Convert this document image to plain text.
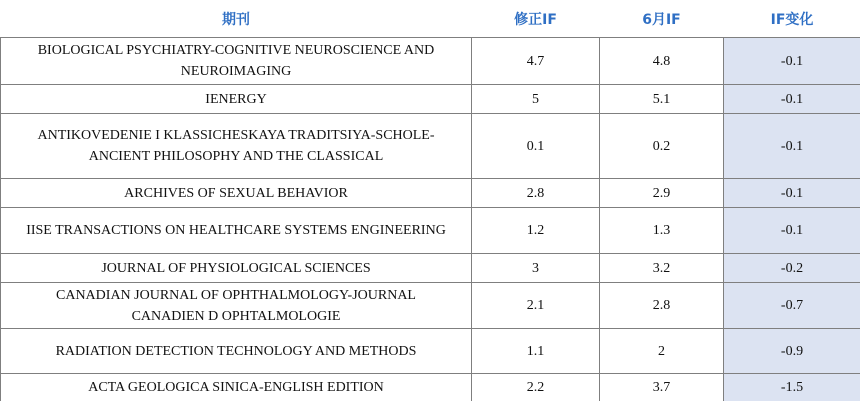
期刊	修正IF	6月IF	IF变化
BIOLOGICAL PSYCHIATRY-COGNITIVE NEUROSCIENCE AND NEUROIMAGING	4.7	4.8	-0.1
IENERGY	5	5.1	-0.1
ANTIKOVEDENIE I KLASSICHESKAYA TRADITSIYA-SCHOLE-ANCIENT PHILOSOPHY AND THE CLASSICAL	0.1	0.2	-0.1
ARCHIVES OF SEXUAL BEHAVIOR	2.8	2.9	-0.1
IISE TRANSACTIONS ON HEALTHCARE SYSTEMS ENGINEERING	1.2	1.3	-0.1
JOURNAL OF PHYSIOLOGICAL SCIENCES	3	3.2	-0.2
CANADIAN JOURNAL OF OPHTHALMOLOGY-JOURNAL CANADIEN D OPHTALMOLOGIE	2.1	2.8	-0.7
RADIATION DETECTION TECHNOLOGY AND METHODS	1.1	2	-0.9
ACTA GEOLOGICA SINICA-ENGLISH EDITION	2.2	3.7	-1.5
